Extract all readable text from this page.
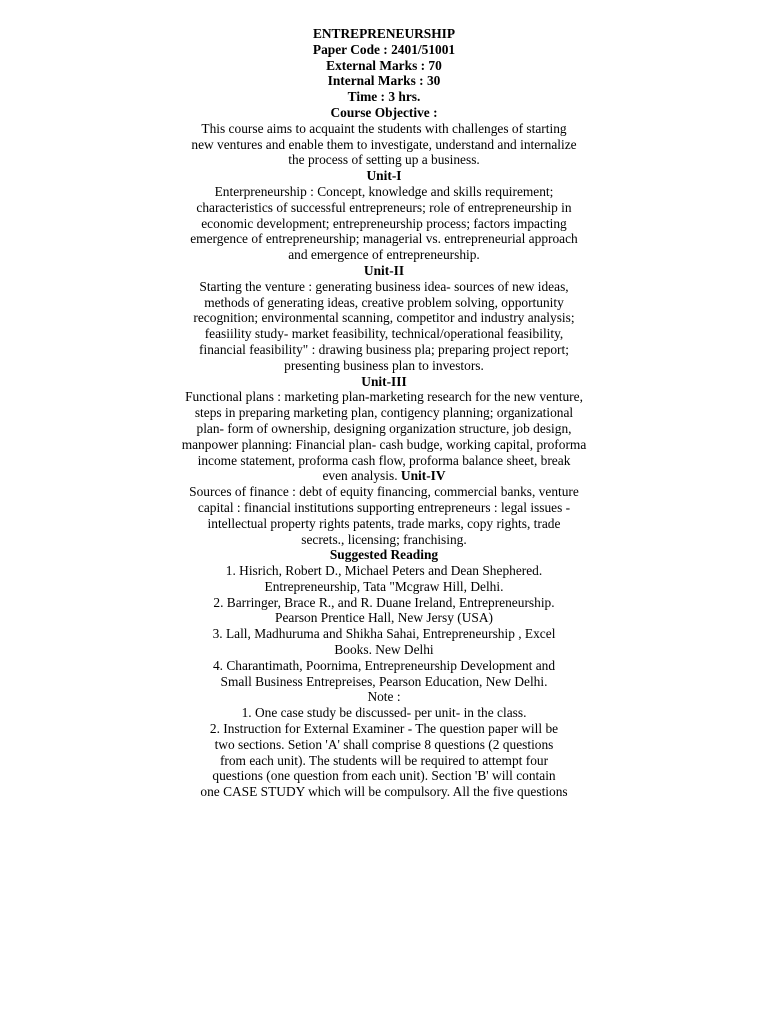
ENTREPRENEURSHIP
Paper Code : 2401/51001
External Marks : 70
Internal Marks : 30
Time : 3 hrs.
Course Objective :
This course aims to acquaint the students with challenges of starting
new ventures and enable them to investigate, understand and internalize
the process of setting up a business.
Unit-I
Enterpreneurship : Concept, knowledge and skills requirement;
characteristics of successful entrepreneurs; role of entrepreneurship in
economic development; entrepreneurship process; factors impacting
emergence of entrepreneurship; managerial vs. entrepreneurial approach
and emergence of entrepreneurship.
Unit-II
Starting the venture : generating business idea- sources of new ideas,
methods of generating ideas, creative problem solving, opportunity
recognition; environmental scanning, competitor and industry analysis;
feasiility study- market feasibility, technical/operational feasibility,
financial feasibility" : drawing business pla; preparing project report;
presenting business plan to investors.
Unit-III
Functional plans : marketing plan-marketing research for the new venture,
steps in preparing marketing plan, contigency planning; organizational
plan- form of ownership, designing organization structure, job design,
manpower planning: Financial plan- cash budge, working capital, proforma
income statement, proforma cash flow, proforma balance sheet, break
even analysis. Unit-IV
Sources of finance : debt of equity financing, commercial banks, venture
capital : financial institutions supporting entrepreneurs : legal issues -
intellectual property rights patents, trade marks, copy rights, trade
secrets., licensing; franchising.
Suggested Reading
1. Hisrich, Robert D., Michael Peters and Dean Shephered.
Entrepreneurship, Tata "Mcgraw Hill, Delhi.
2. Barringer, Brace R., and R. Duane Ireland, Entrepreneurship.
Pearson Prentice Hall, New Jersy (USA)
3. Lall, Madhuruma and Shikha Sahai, Entrepreneurship , Excel
Books. New Delhi
4. Charantimath, Poornima, Entrepreneurship Development and
Small Business Entrepreises, Pearson Education, New Delhi.
Note :
1. One case study be discussed- per unit- in the class.
2. Instruction for External Examiner - The question paper will be
two sections. Setion 'A' shall comprise 8 questions (2 questions
from each unit). The students will be required to attempt four
questions (one question from each unit). Section 'B' will contain
one CASE STUDY which will be compulsory. All the five questions
